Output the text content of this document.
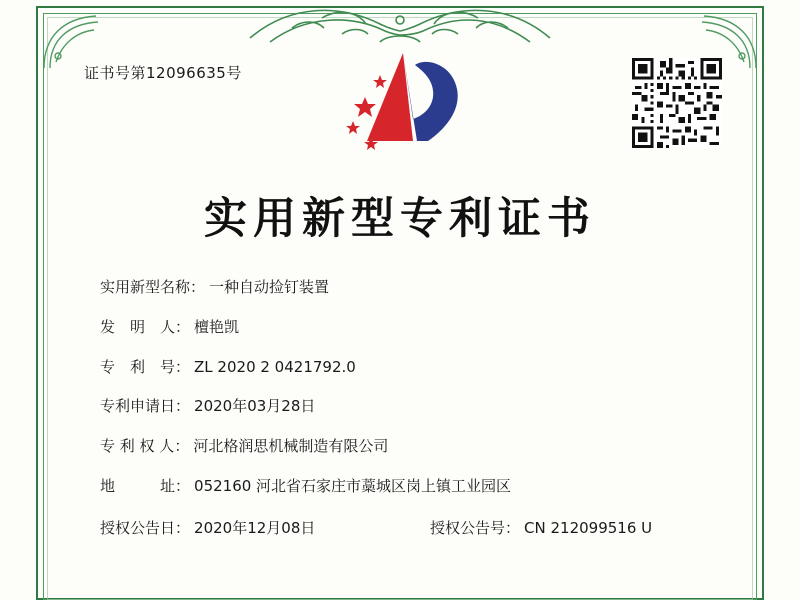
证书号第12096635号
实用新型专利证书
实用新型名称 ： 一种自动捡钉装置
发　明　人 ： 檀艳凯
专　利　号 ： ZL 2020 2 0421792.0
专利申请日 ： 2020年03月28日
专 利 权 人 ： 河北格润思机械制造有限公司
地　　　址 ： 052160 河北省石家庄市藁城区岗上镇工业园区
授权公告日 ： 2020年12月08日	授权公告号 ： CN 212099516 U
